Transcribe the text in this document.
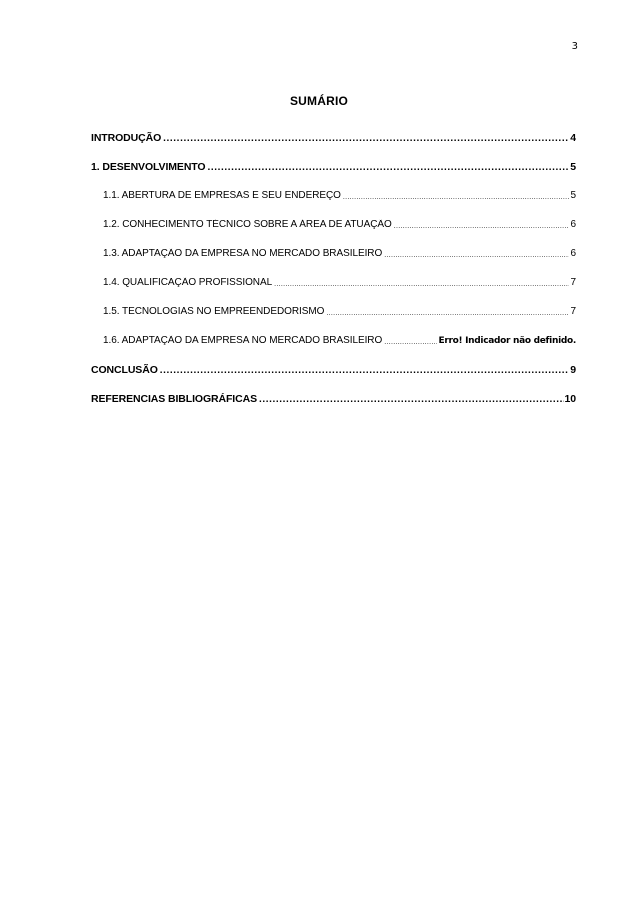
3
SUMÁRIO
INTRODUÇÃO	4
1. DESENVOLVIMENTO	5
1.1. ABERTURA DE EMPRESAS E SEU ENDEREÇO	5
1.2. CONHECIMENTO TÉCNICO SOBRE A ÁREA DE ATUAÇÃO	6
1.3. ADAPTAÇÃO DA EMPRESA NO MERCADO BRASILEIRO	6
1.4. QUALIFICAÇÃO PROFISSIONAL	7
1.5. TECNOLOGIAS NO EMPREENDEDORISMO	7
1.6. ADAPTAÇÃO DA EMPRESA NO MERCADO BRASILEIRO	Erro! Indicador não definido.
CONCLUSÃO	9
REFERENCIAS BIBLIOGRÁFICAS	10
